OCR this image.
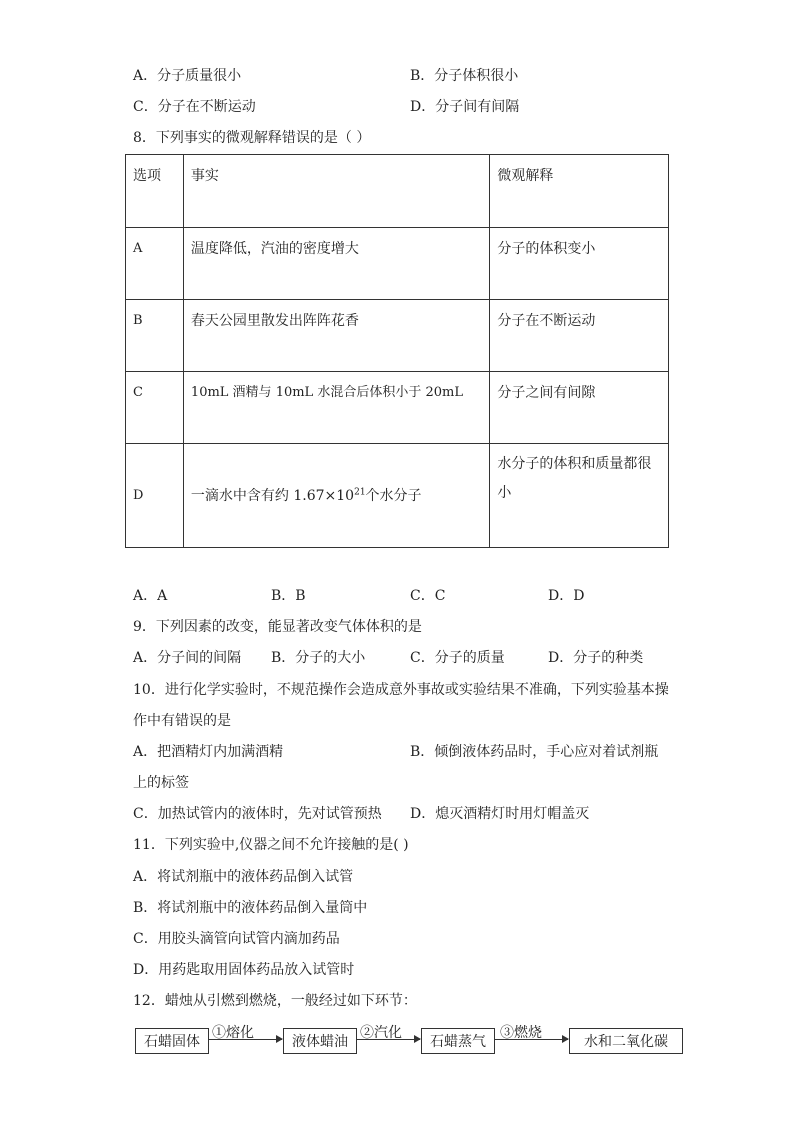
A．分子质量很小	B．分子体积很小
C．分子在不断运动	D．分子间有间隔
8．下列事实的微观解释错误的是（ ）
选项	事实	微观解释

A	温度降低，汽油的密度增大	分子的体积变小

B	春天公园里散发出阵阵花香	分子在不断运动

C	10mL 酒精与 10mL 水混合后体积小于 20mL	分子之间有间隙

D	一滴水中含有约 $1.67\times 10^{21}$个水分子	水分子的体积和质量都很
小
A．A	B．B	C．C	D．D
9．下列因素的改变，能显著改变气体体积的是
A．分子间的间隔 B．分子的大小	C．分子的质量	D．分子的种类
10．进行化学实验时，不规范操作会造成意外事故或实验结果不准确，下列实验基本操
作中有错误的是
A．把酒精灯内加满酒精	B．倾倒液体药品时，手心应对着试剂瓶
上的标签
C．加热试管内的液体时，先对试管预热 D．熄灭酒精灯时用灯帽盖灭
11．下列实验中,仪器之间不允许接触的是( )
A．将试剂瓶中的液体药品倒入试管
B．将试剂瓶中的液体药品倒入量筒中
C．用胶头滴管向试管内滴加药品
D．用药匙取用固体药品放入试管时
12．蜡烛从引燃到燃烧，一般经过如下环节：
石蜡固体
①熔化
液体蜡油
②汽化
石蜡蒸气
③燃烧
水和二氧化碳
